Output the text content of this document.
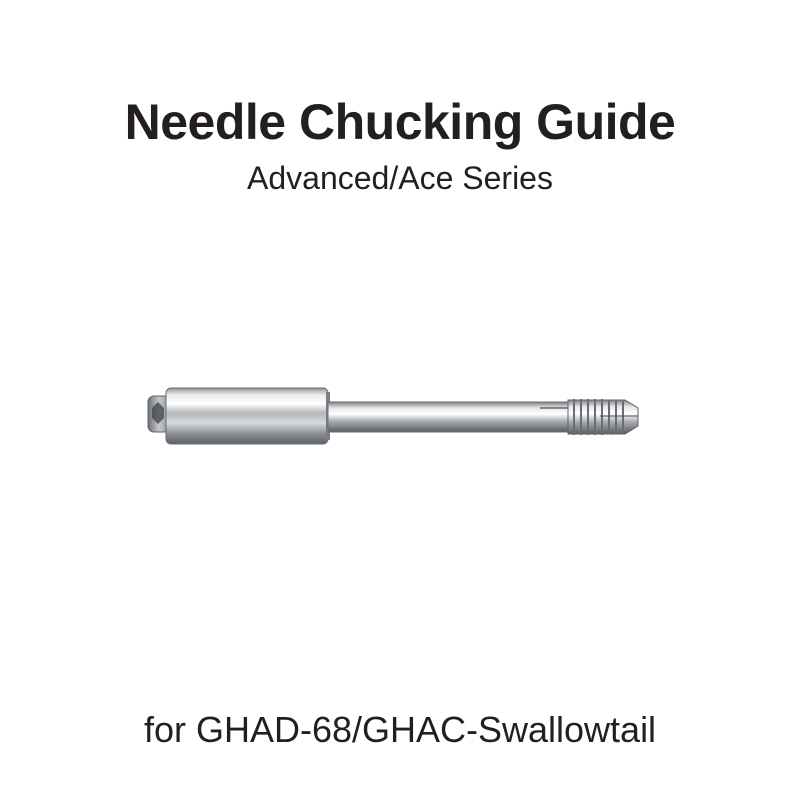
Needle Chucking Guide
Advanced/Ace Series
for GHAD-68/GHAC-Swallowtail
